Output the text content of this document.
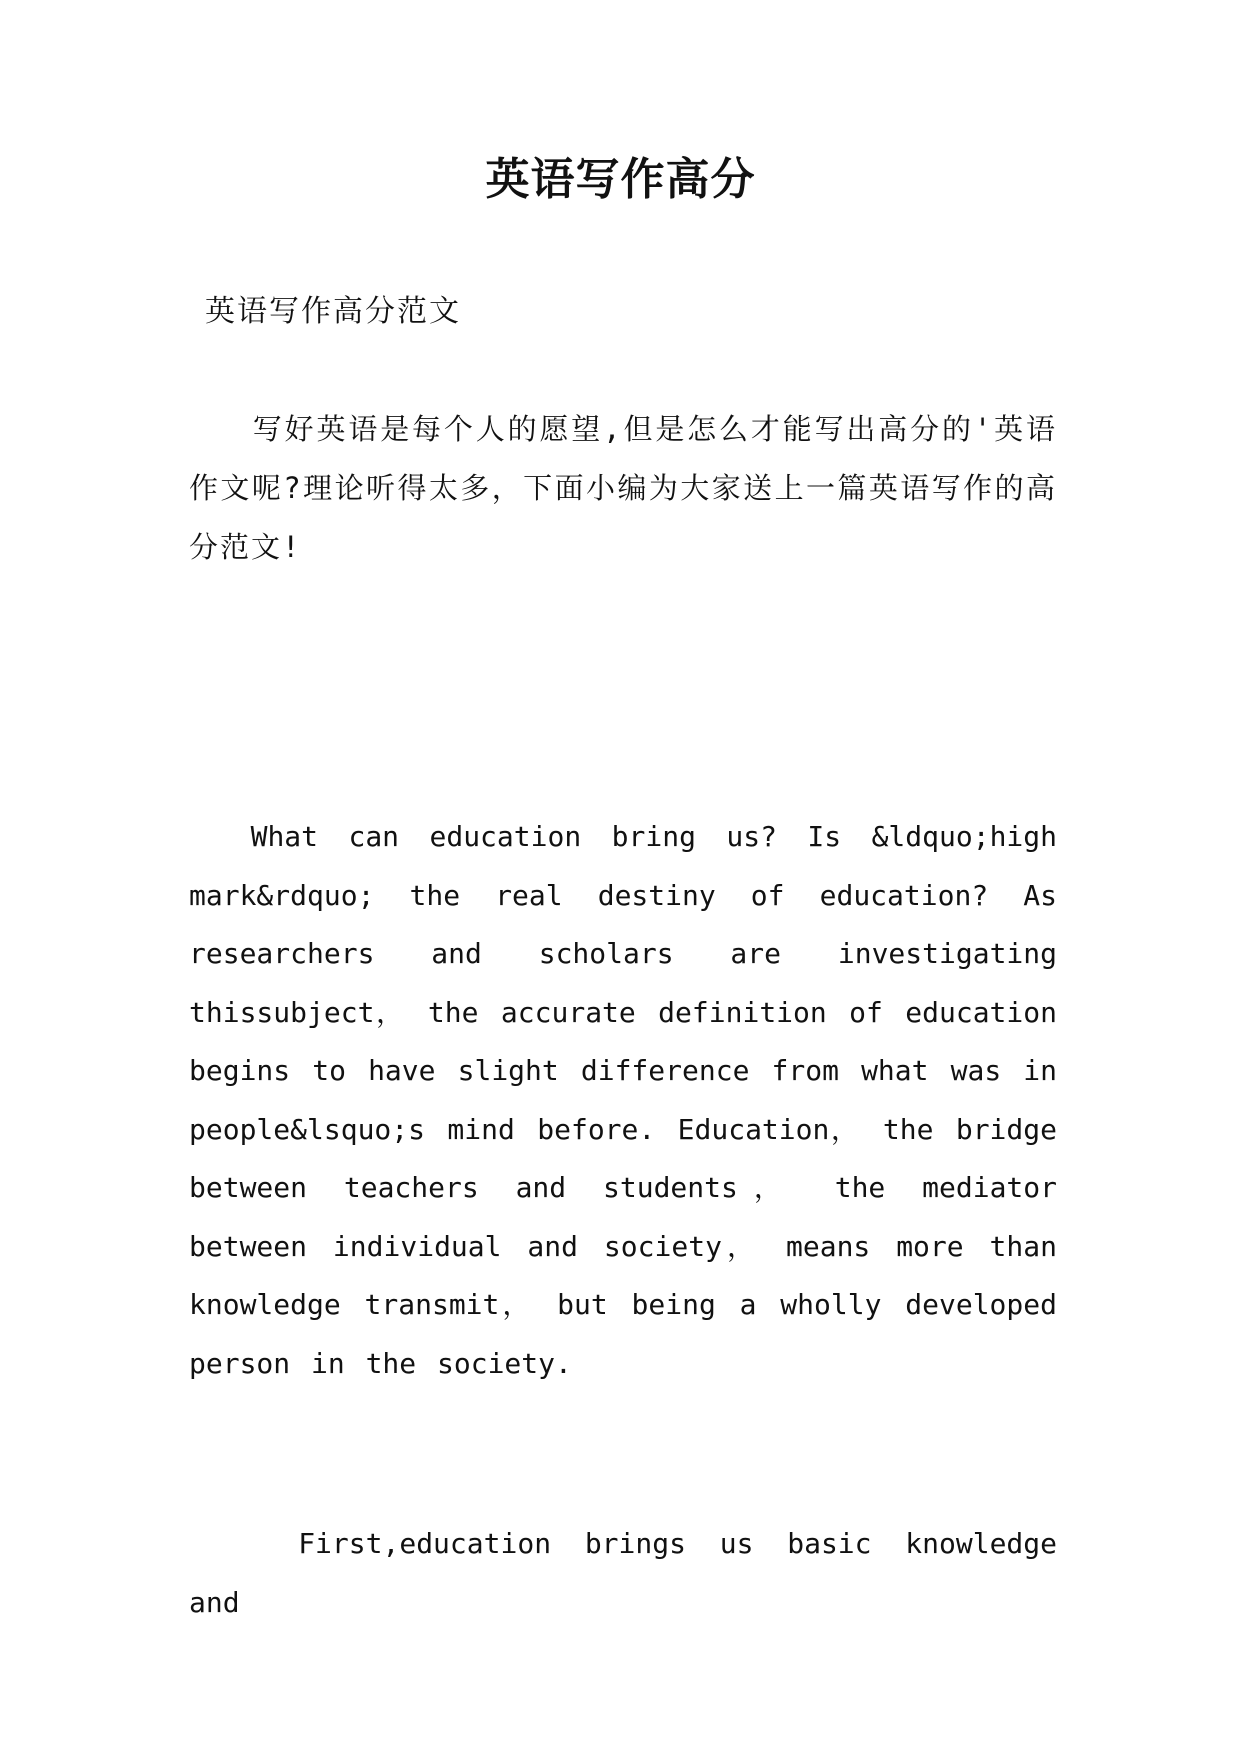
英语写作高分
英语写作高分范文

写好英语是每个人的愿望,但是怎么才能写出高分的'英语作文呢?理论听得太多，下面小编为大家送上一篇英语写作的高分范文!

What can education bring us? Is &ldquo;high mark&rdquo; the real destiny of education? As researchers and scholars are investigating thissubject， the accurate definition of education begins to have slight difference from what was in people&lsquo;s mind before. Education， the bridge between teachers and students， the mediator between individual and society， means more than knowledge transmit， but being a wholly developed person in the society.

First,education brings us basic knowledge and
